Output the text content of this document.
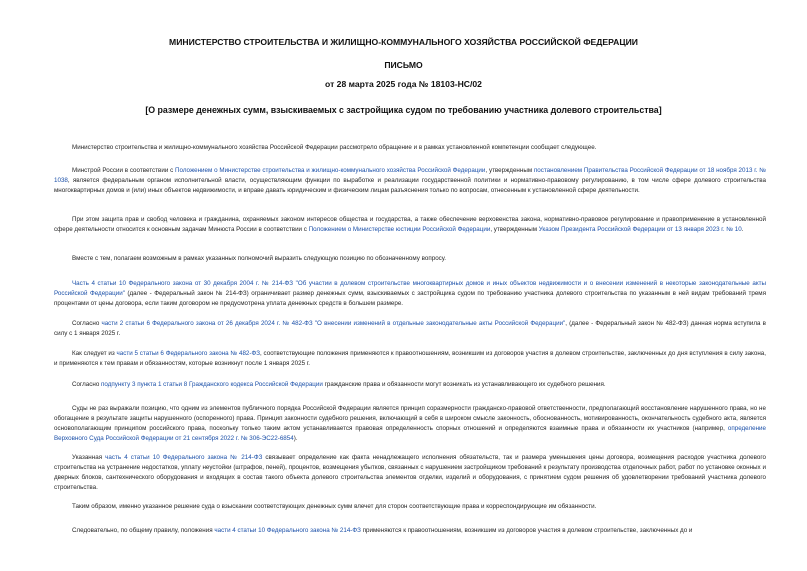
МИНИСТЕРСТВО СТРОИТЕЛЬСТВА И ЖИЛИЩНО-КОММУНАЛЬНОГО ХОЗЯЙСТВА РОССИЙСКОЙ ФЕДЕРАЦИИ
ПИСЬМО
от 28 марта 2025 года № 18103-НС/02
[О размере денежных сумм, взыскиваемых с застройщика судом по требованию участника долевого строительства]

Министерство строительства и жилищно-коммунального хозяйства Российской Федерации рассмотрело обращение и в рамках установленной компетенции сообщает следующее.

Минстрой России в соответствии с Положением о Министерстве строительства и жилищно-коммунального хозяйства Российской Федерации, утвержденным постановлением Правительства Российской Федерации от 18 ноября 2013 г. № 1038, является федеральным органом исполнительной власти, осуществляющим функции по выработке и реализации государственной политики и нормативно-правовому регулированию, в том числе сфере долевого строительства многоквартирных домов и (или) иных объектов недвижимости, и вправе давать юридическим и физическим лицам разъяснения только по вопросам, отнесенным к установленной сфере деятельности.

При этом защита прав и свобод человека и гражданина, охраняемых законом интересов общества и государства, а также обеспечение верховенства закона, нормативно-правовое регулирование и правоприменение в установленной сфере деятельности относится к основным задачам Минюста России в соответствии с Положением о Министерстве юстиции Российской Федерации, утвержденным Указом Президента Российской Федерации от 13 января 2023 г. № 10.

Вместе с тем, полагаем возможным в рамках указанных полномочий выразить следующую позицию по обозначенному вопросу.

Часть 4 статьи 10 Федерального закона от 30 декабря 2004 г. № 214-ФЗ "Об участии в долевом строительстве многоквартирных домов и иных объектов недвижимости и о внесении изменений в некоторые законодательные акты Российской Федерации" (далее - Федеральный закон № 214-ФЗ) ограничивает размер денежных сумм, взыскиваемых с застройщика судом по требованию участника долевого строительства по указанным в ней видам требований тремя процентами от цены договора, если таким договором не предусмотрена уплата денежных средств в большем размере.

Согласно части 2 статьи 6 Федерального закона от 26 декабря 2024 г. № 482-ФЗ "О внесении изменений в отдельные законодательные акты Российской Федерации", (далее - Федеральный закон № 482-ФЗ) данная норма вступила в силу с 1 января 2025 г.

Как следует из части 5 статьи 6 Федерального закона № 482-ФЗ, соответствующие положения применяются к правоотношениям, возникшим из договоров участия в долевом строительстве, заключенных до дня вступления в силу закона, и применяются к тем правам и обязанностям, которые возникнут после 1 января 2025 г.

Согласно подпункту 3 пункта 1 статьи 8 Гражданского кодекса Российской Федерации гражданские права и обязанности могут возникать из устанавливающего их судебного решения.

Суды не раз выражали позицию, что одним из элементов публичного порядка Российской Федерации является принцип соразмерности гражданско-правовой ответственности, предполагающий восстановление нарушенного права, но не обогащение в результате защиты нарушенного (оспоренного) права. Принцип законности судебного решения, включающий в себя в широком смысле законность, обоснованность, мотивированность, окончательность судебного акта, является основополагающим принципом российского права, поскольку только таким актом устанавливается правовая определенность спорных отношений и определяются взаимные права и обязанности их участников (например, определение Верховного Суда Российской Федерации от 21 сентября 2022 г. № 306-ЭС22-6854).

Указанная часть 4 статьи 10 Федерального закона № 214-ФЗ связывает определение как факта ненадлежащего исполнения обязательств, так и размера уменьшения цены договора, возмещения расходов участника долевого строительства на устранение недостатков, уплату неустойки (штрафов, пеней), процентов, возмещения убытков, связанных с нарушением застройщиком требований к результату производства отделочных работ, работ по установке оконных и дверных блоков, сантехнического оборудования и входящих в состав такого объекта долевого строительства элементов отделки, изделий и оборудования, с принятием судом решения об удовлетворении требований участника долевого строительства.

Таким образом, именно указанное решение суда о взыскании соответствующих денежных сумм влечет для сторон соответствующие права и корреспондирующие им обязанности.

Следовательно, по общему правилу, положения части 4 статьи 10 Федерального закона № 214-ФЗ применяются к правоотношениям, возникшим из договоров участия в долевом строительстве, заключенных до и
